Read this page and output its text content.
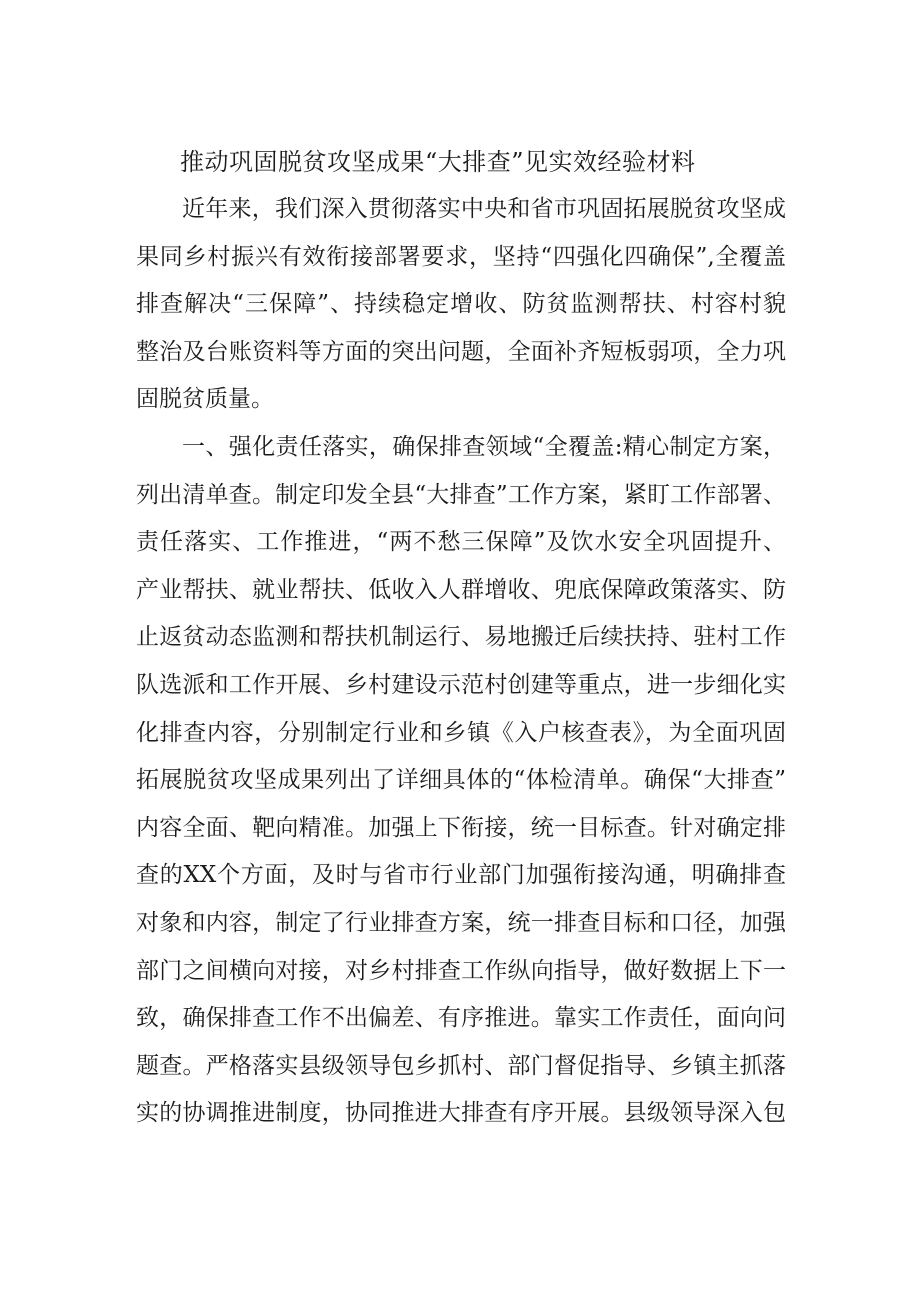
推动巩固脱贫攻坚成果“大排查”见实效经验材料
近年来，我们深入贯彻落实中央和省市巩固拓展脱贫攻坚成
果同乡村振兴有效衔接部署要求，坚持“四强化四确保”,全覆盖
排查解决“三保障”、持续稳定增收、防贫监测帮扶、村容村貌
整治及台账资料等方面的突出问题，全面补齐短板弱项，全力巩
固脱贫质量。
一、强化责任落实，确保排查领域“全覆盖:精心制定方案，
列出清单查。制定印发全县“大排查”工作方案，紧盯工作部署、
责任落实、工作推进，“两不愁三保障”及饮水安全巩固提升、
产业帮扶、就业帮扶、低收入人群增收、兜底保障政策落实、防
止返贫动态监测和帮扶机制运行、易地搬迁后续扶持、驻村工作
队选派和工作开展、乡村建设示范村创建等重点，进一步细化实
化排查内容，分别制定行业和乡镇《入户核查表》，为全面巩固
拓展脱贫攻坚成果列出了详细具体的“体检清单。确保“大排查”
内容全面、靶向精准。加强上下衔接，统一目标查。针对确定排
查的XX个方面，及时与省市行业部门加强衔接沟通，明确排查
对象和内容，制定了行业排查方案，统一排查目标和口径，加强
部门之间横向对接，对乡村排查工作纵向指导，做好数据上下一
致，确保排查工作不出偏差、有序推进。靠实工作责任，面向问
题查。严格落实县级领导包乡抓村、部门督促指导、乡镇主抓落
实的协调推进制度，协同推进大排查有序开展。县级领导深入包
